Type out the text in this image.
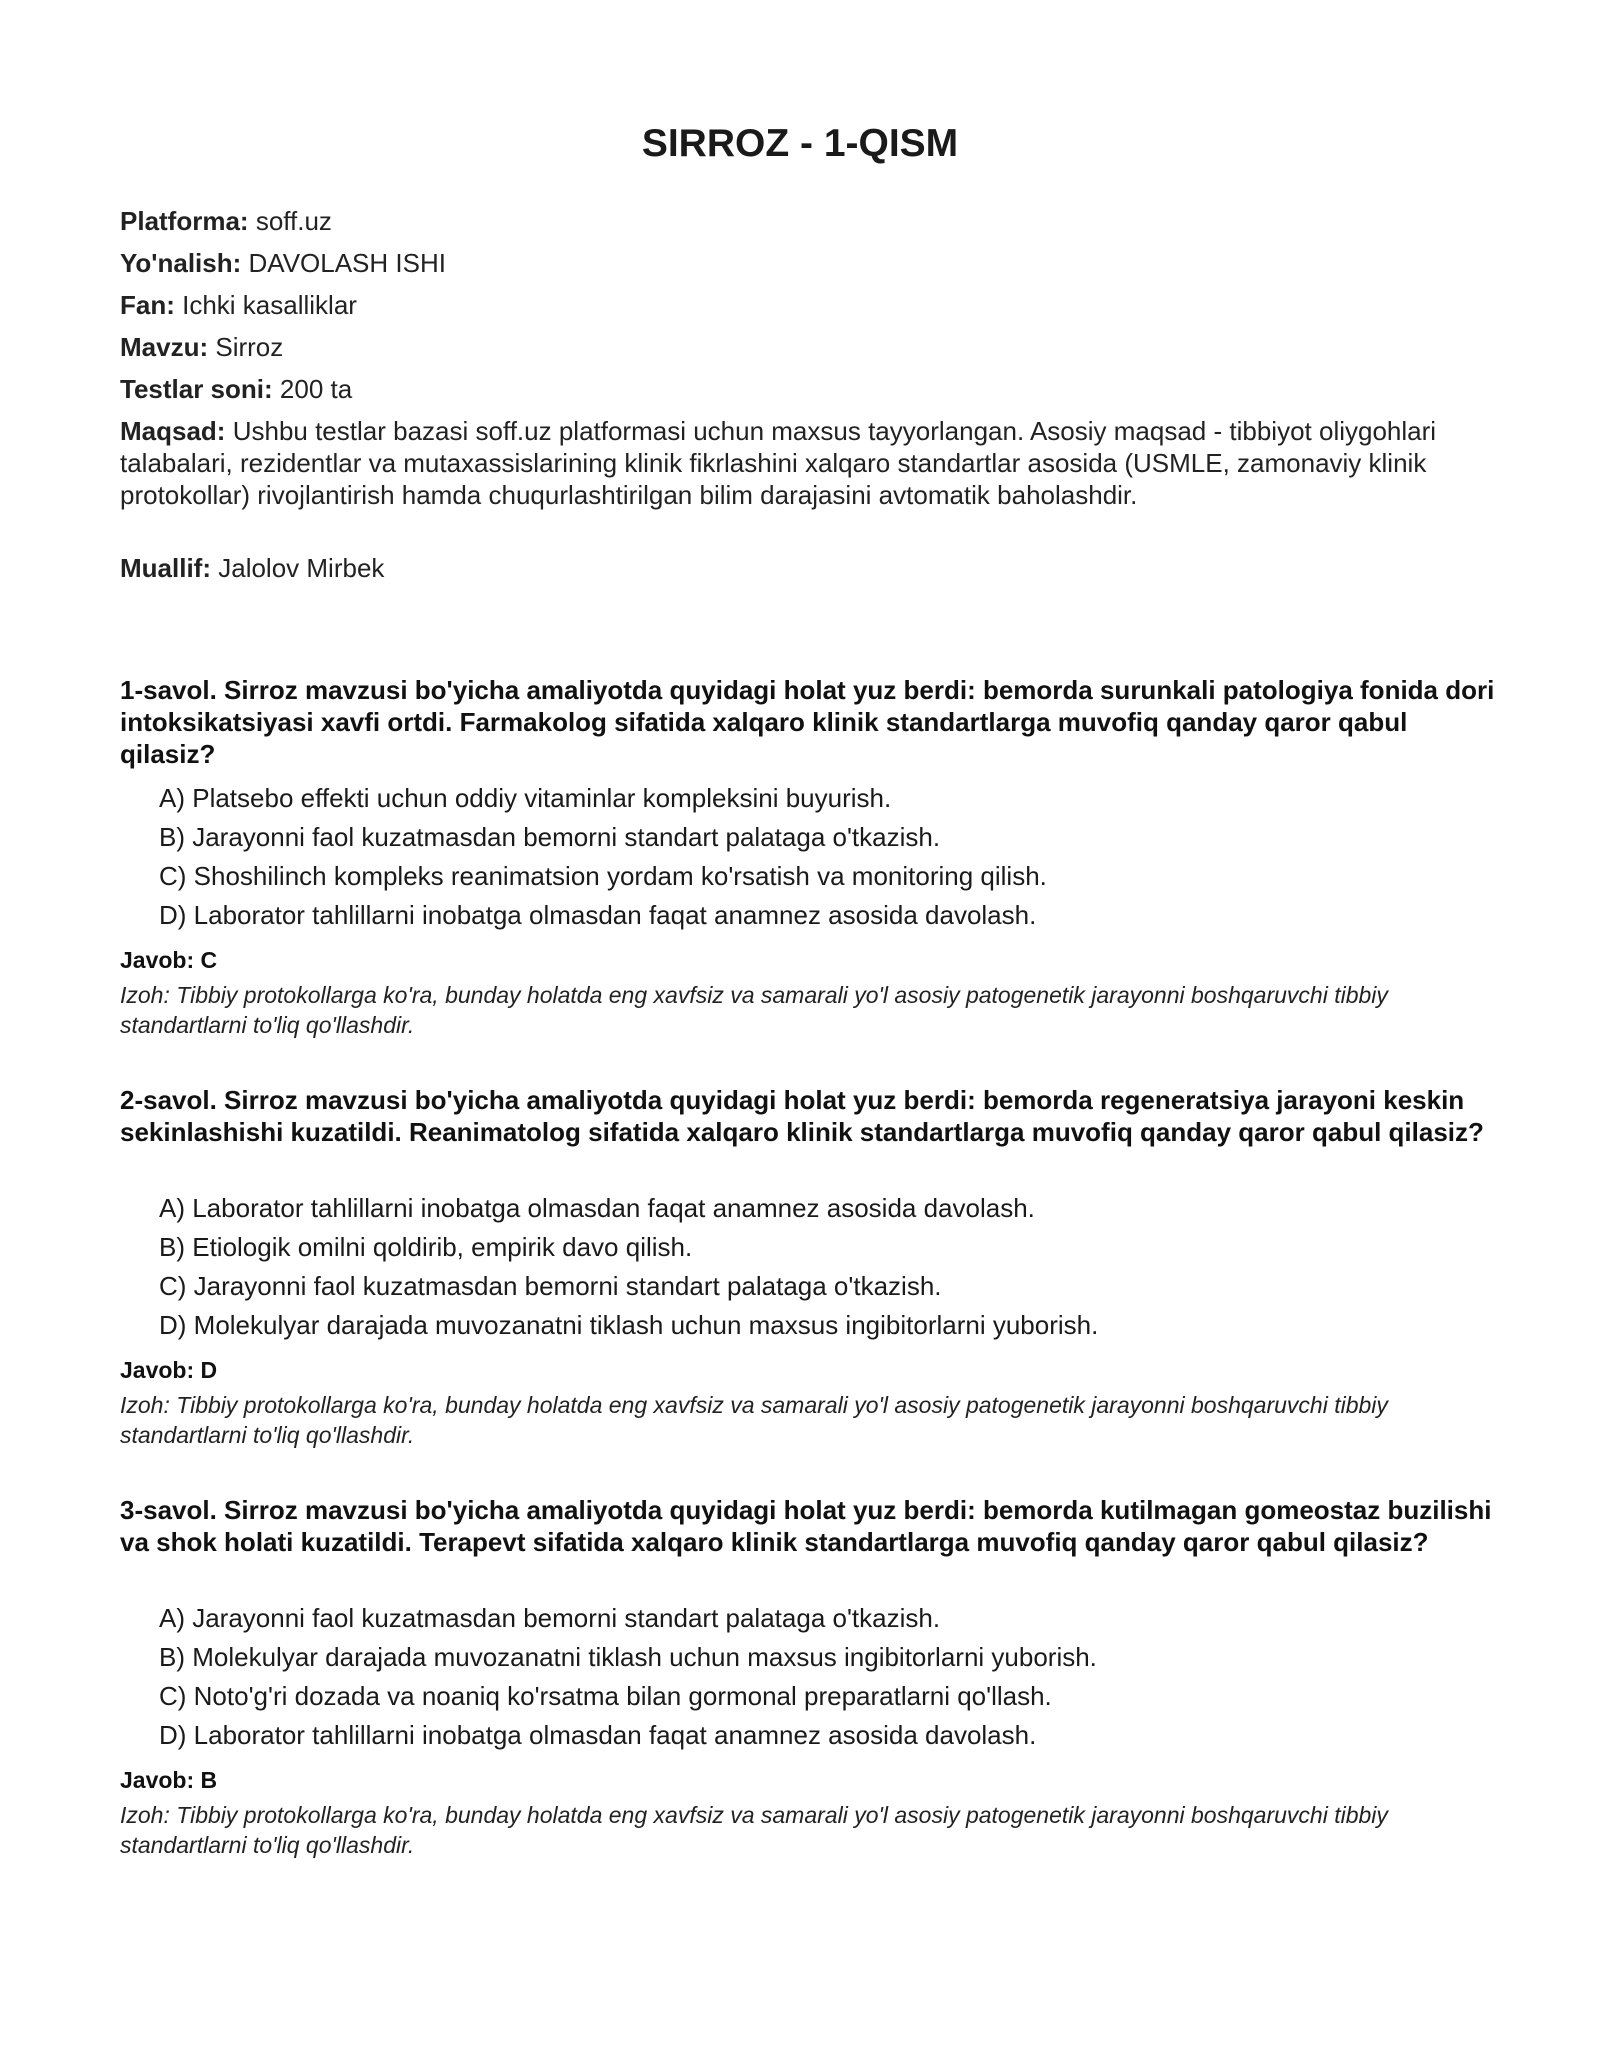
SIRROZ - 1-QISM

Platforma: soff.uz

Yo'nalish: DAVOLASH ISHI

Fan: Ichki kasalliklar

Mavzu: Sirroz

Testlar soni: 200 ta

Maqsad: Ushbu testlar bazasi soff.uz platformasi uchun maxsus tayyorlangan. Asosiy maqsad - tibbiyot oliygohlari talabalari, rezidentlar va mutaxassislarining klinik fikrlashini xalqaro standartlar asosida (USMLE, zamonaviy klinik protokollar) rivojlantirish hamda chuqurlashtirilgan bilim darajasini avtomatik baholashdir.

Muallif: Jalolov Mirbek

1-savol. Sirroz mavzusi bo'yicha amaliyotda quyidagi holat yuz berdi: bemorda surunkali patologiya fonida dori intoksikatsiyasi xavfi ortdi. Farmakolog sifatida xalqaro klinik standartlarga muvofiq qanday qaror qabul qilasiz?

A) Platsebo effekti uchun oddiy vitaminlar kompleksini buyurish.

B) Jarayonni faol kuzatmasdan bemorni standart palataga o'tkazish.

C) Shoshilinch kompleks reanimatsion yordam ko'rsatish va monitoring qilish.

D) Laborator tahlillarni inobatga olmasdan faqat anamnez asosida davolash.

Javob: C

Izoh: Tibbiy protokollarga ko'ra, bunday holatda eng xavfsiz va samarali yo'l asosiy patogenetik jarayonni boshqaruvchi tibbiy standartlarni to'liq qo'llashdir.

2-savol. Sirroz mavzusi bo'yicha amaliyotda quyidagi holat yuz berdi: bemorda regeneratsiya jarayoni keskin sekinlashishi kuzatildi. Reanimatolog sifatida xalqaro klinik standartlarga muvofiq qanday qaror qabul qilasiz?

A) Laborator tahlillarni inobatga olmasdan faqat anamnez asosida davolash.

B) Etiologik omilni qoldirib, empirik davo qilish.

C) Jarayonni faol kuzatmasdan bemorni standart palataga o'tkazish.

D) Molekulyar darajada muvozanatni tiklash uchun maxsus ingibitorlarni yuborish.

Javob: D

Izoh: Tibbiy protokollarga ko'ra, bunday holatda eng xavfsiz va samarali yo'l asosiy patogenetik jarayonni boshqaruvchi tibbiy standartlarni to'liq qo'llashdir.

3-savol. Sirroz mavzusi bo'yicha amaliyotda quyidagi holat yuz berdi: bemorda kutilmagan gomeostaz buzilishi va shok holati kuzatildi. Terapevt sifatida xalqaro klinik standartlarga muvofiq qanday qaror qabul qilasiz?

A) Jarayonni faol kuzatmasdan bemorni standart palataga o'tkazish.

B) Molekulyar darajada muvozanatni tiklash uchun maxsus ingibitorlarni yuborish.

C) Noto'g'ri dozada va noaniq ko'rsatma bilan gormonal preparatlarni qo'llash.

D) Laborator tahlillarni inobatga olmasdan faqat anamnez asosida davolash.

Javob: B

Izoh: Tibbiy protokollarga ko'ra, bunday holatda eng xavfsiz va samarali yo'l asosiy patogenetik jarayonni boshqaruvchi tibbiy standartlarni to'liq qo'llashdir.
